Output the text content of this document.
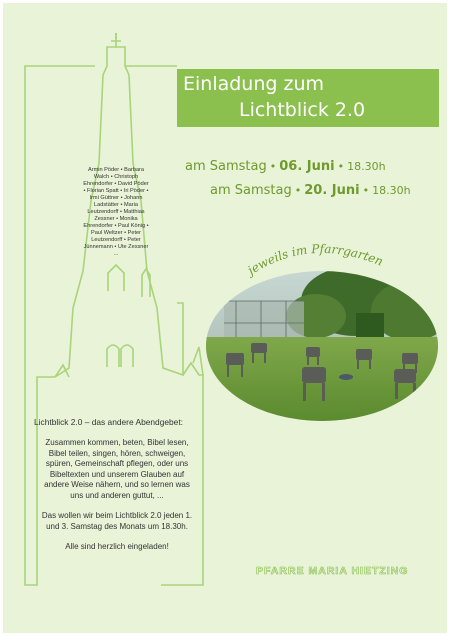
Einladung zum
Lichtblick 2.0
am Samstag • 06. Juni • 18.30h
am Samstag • 20. Juni • 18.30h
Armin Pöder • Barbara Walch • Christoph Ehrendorfer • David Pöder • Florian Spatt • Iri Pöder • Irmi Güttner • Johann Ladstätter • Maria Leutzendorff • Matthias Zessner • Monika Ehrendorfer • Paul König • Paul Weltzer • Peter Leutzendorff • Peter Jünnemann • Ute Zessner ...
jeweils im Pfarrgarten
Lichtblick 2.0 – das andere Abendgebet:

Zusammen kommen, beten, Bibel lesen, Bibel teilen, singen, hören, schweigen, spüren, Gemeinschaft pflegen, oder uns Bibeltexten und unserem Glauben auf andere Weise nähern, und so lernen was uns und anderen guttut, ...

Das wollen wir beim Lichtblick 2.0 jeden 1. und 3. Samstag des Monats um 18.30h.

Alle sind herzlich eingeladen!

PFARRE MARIA HIETZING
